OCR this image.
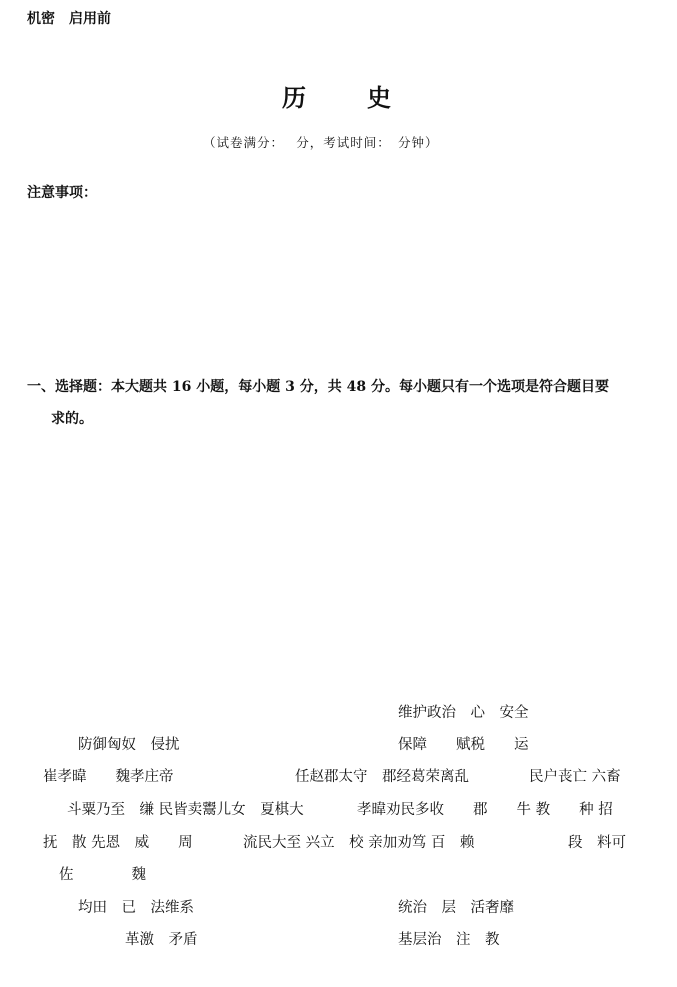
机密　启用前
历	史
（试卷满分：　 分，考试时间：　分钟）
注意事项：
一、选择题：本大题共 16 小题，每小题 3 分，共 48 分。每小题只有一个选项是符合题目要
求的。
维护政治　心　安全
防御匈奴　侵扰	保障　　赋税　　运
崔孝暐　　魏孝庄帝	任赵郡太守　郡经葛荣离乱	民户丧亡 六畜
斗粟乃至　缣 民皆卖鬻儿女　夏棋大	孝暐劝民多收　　郡　　牛 教　　种 招
抚　散 先恩　威　　周	流民大至 兴立　校 亲加劝笃 百　赖	段　料可
佐　　　　魏
均田　已　法维系	统治　层　活奢靡
革激　矛盾	基层治　注　教
